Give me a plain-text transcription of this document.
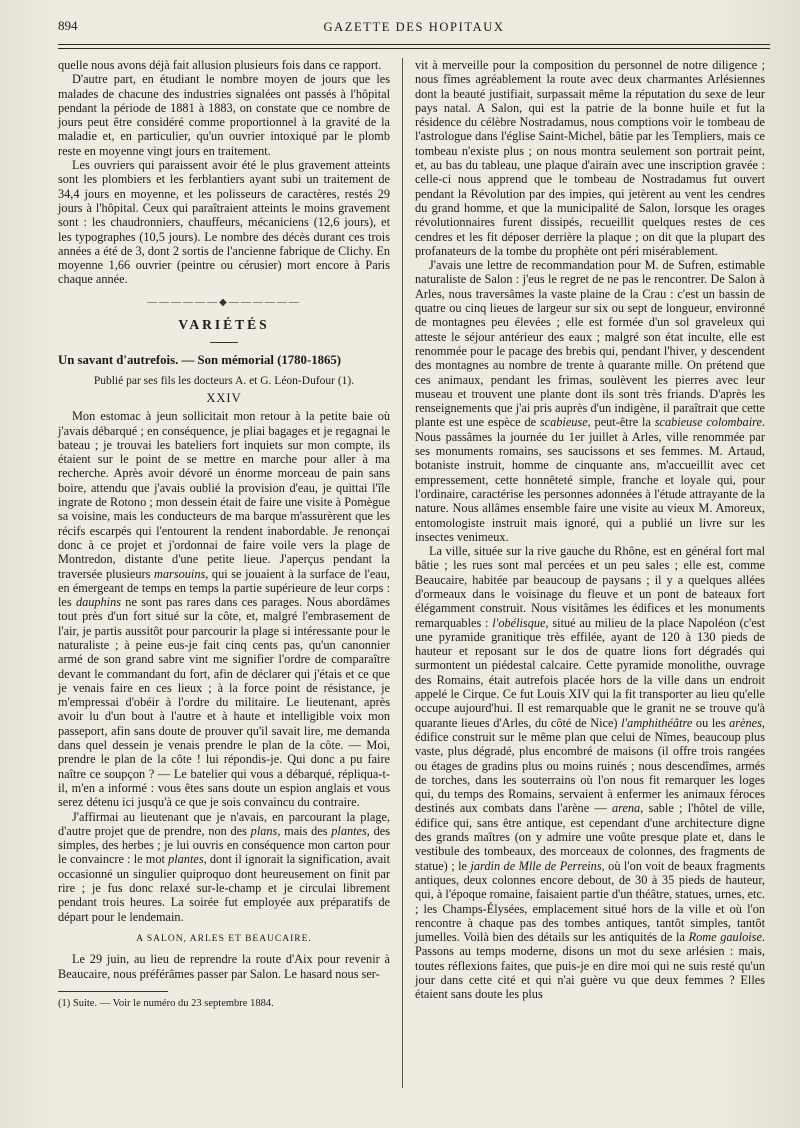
894	GAZETTE DES HOPITAUX

quelle nous avons déjà fait allusion plusieurs fois dans ce rapport.

D'autre part, en étudiant le nombre moyen de jours que les malades de chacune des industries signalées ont passés à l'hôpital pendant la période de 1881 à 1883, on constate que ce nombre de jours peut être considéré comme proportionnel à la gravité de la maladie et, en particulier, qu'un ouvrier intoxiqué par le plomb reste en moyenne vingt jours en traitement.

Les ouvriers qui paraissent avoir été le plus gravement atteints sont les plombiers et les ferblantiers ayant subi un traitement de 34,4 jours en moyenne, et les polisseurs de caractères, restés 29 jours à l'hôpital. Ceux qui paraîtraient atteints le moins gravement sont : les chaudronniers, chauffeurs, mécaniciens (12,6 jours), et les typographes (10,5 jours). Le nombre des décès durant ces trois années a été de 3, dont 2 sortis de l'ancienne fabrique de Clichy. En moyenne 1,66 ouvrier (peintre ou cérusier) mort encore à Paris chaque année.

——————◆——————
VARIÉTÉS

Un savant d'autrefois. — Son mémorial (1780-1865)

Publié par ses fils les docteurs A. et G. Léon-Dufour (1).
XXIV

Mon estomac à jeun sollicitait mon retour à la petite baie où j'avais débarqué ; en conséquence, je pliai bagages et je regagnai le bateau ; je trouvai les bateliers fort inquiets sur mon compte, ils étaient sur le point de se mettre en marche pour aller à ma recherche. Après avoir dévoré un énorme morceau de pain sans boire, attendu que j'avais oublié la provision d'eau, je quittai l'île ingrate de Rotono ; mon dessein était de faire une visite à Pomègue sa voisine, mais les conducteurs de ma barque m'assurèrent que les récifs escarpés qui l'entourent la rendent inabordable. Je renonçai donc à ce projet et j'ordonnai de faire voile vers la plage de Montredon, distante d'une petite lieue. J'aperçus pendant la traversée plusieurs marsouins, qui se jouaient à la surface de l'eau, en émergeant de temps en temps la partie supérieure de leur corps : les dauphins ne sont pas rares dans ces parages. Nous abordâmes tout près d'un fort situé sur la côte, et, malgré l'embrasement de l'air, je partis aussitôt pour parcourir la plage si intéressante pour le naturaliste ; à peine eus-je fait cinq cents pas, qu'un canonnier armé de son grand sabre vint me signifier l'ordre de comparaître devant le commandant du fort, afin de déclarer qui j'étais et ce que je venais faire en ces lieux ; à la force point de résistance, je m'empressai d'obéir à l'ordre du militaire. Le lieutenant, après avoir lu d'un bout à l'autre et à haute et intelligible voix mon passeport, afin sans doute de prouver qu'il savait lire, me demanda dans quel dessein je venais prendre le plan de la côte. — Moi, prendre le plan de la côte ! lui répondis-je. Qui donc a pu faire naître ce soupçon ? — Le batelier qui vous a débarqué, répliqua-t-il, m'en a informé : vous êtes sans doute un espion anglais et vous serez détenu ici jusqu'à ce que je sois convaincu du contraire.

J'affirmai au lieutenant que je n'avais, en parcourant la plage, d'autre projet que de prendre, non des plans, mais des plantes, des simples, des herbes ; je lui ouvris en conséquence mon carton pour le convaincre : le mot plantes, dont il ignorait la signification, avait occasionné un singulier quiproquo dont heureusement on finit par rire ; je fus donc relaxé sur-le-champ et je circulai librement pendant trois heures. La soirée fut employée aux préparatifs de départ pour le lendemain.

A SALON, ARLES ET BEAUCAIRE.

Le 29 juin, au lieu de reprendre la route d'Aix pour revenir à Beaucaire, nous préférâmes passer par Salon. Le hasard nous ser-

(1) Suite. — Voir le numéro du 23 septembre 1884.

vit à merveille pour la composition du personnel de notre diligence ; nous fîmes agréablement la route avec deux charmantes Arlésiennes dont la beauté justifiait, surpassait même la réputation du sexe de leur pays natal. A Salon, qui est la patrie de la bonne huile et fut la résidence du célèbre Nostradamus, nous comptions voir le tombeau de l'astrologue dans l'église Saint-Michel, bâtie par les Templiers, mais ce tombeau n'existe plus ; on nous montra seulement son portrait peint, et, au bas du tableau, une plaque d'airain avec une inscription gravée : celle-ci nous apprend que le tombeau de Nostradamus fut ouvert pendant la Révolution par des impies, qui jetèrent au vent les cendres du grand homme, et que la municipalité de Salon, lorsque les orages révolutionnaires furent dissipés, recueillit quelques restes de ces cendres et les fit déposer derrière la plaque ; on dit que la plupart des profanateurs de la tombe du prophète ont péri misérablement.

J'avais une lettre de recommandation pour M. de Sufren, estimable naturaliste de Salon : j'eus le regret de ne pas le rencontrer. De Salon à Arles, nous traversâmes la vaste plaine de la Crau : c'est un bassin de quatre ou cinq lieues de largeur sur six ou sept de longueur, environné de montagnes peu élevées ; elle est formée d'un sol graveleux qui atteste le séjour antérieur des eaux ; malgré son état inculte, elle est renommée pour le pacage des brebis qui, pendant l'hiver, y descendent des montagnes au nombre de trente à quarante mille. On prétend que ces animaux, pendant les frimas, soulèvent les pierres avec leur museau et trouvent une plante dont ils sont très friands. D'après les renseignements que j'ai pris auprès d'un indigène, il paraîtrait que cette plante est une espèce de scabieuse, peut-être la scabieuse colombaire. Nous passâmes la journée du 1er juillet à Arles, ville renommée par ses monuments romains, ses saucissons et ses femmes. M. Artaud, botaniste instruit, homme de cinquante ans, m'accueillit avec cet empressement, cette honnêteté simple, franche et loyale qui, pour l'ordinaire, caractérise les personnes adonnées à l'étude attrayante de la nature. Nous allâmes ensemble faire une visite au vieux M. Amoreux, entomologiste instruit mais ignoré, qui a publié un livre sur les insectes venimeux.

La ville, située sur la rive gauche du Rhône, est en général fort mal bâtie ; les rues sont mal percées et un peu sales ; elle est, comme Beaucaire, habitée par beaucoup de paysans ; il y a quelques allées d'ormeaux dans le voisinage du fleuve et un pont de bateaux fort élégamment construit. Nous visitâmes les édifices et les monuments remarquables : l'obélisque, situé au milieu de la place Napoléon (c'est une pyramide granitique très effilée, ayant de 120 à 130 pieds de hauteur et reposant sur le dos de quatre lions fort dégradés qui surmontent un piédestal calcaire. Cette pyramide monolithe, ouvrage des Romains, était autrefois placée hors de la ville dans un endroit appelé le Cirque. Ce fut Louis XIV qui la fit transporter au lieu qu'elle occupe aujourd'hui. Il est remarquable que le granit ne se trouve qu'à quarante lieues d'Arles, du côté de Nice) l'amphithéâtre ou les arènes, édifice construit sur le même plan que celui de Nîmes, beaucoup plus vaste, plus dégradé, plus encombré de maisons (il offre trois rangées ou étages de gradins plus ou moins ruinés ; nous descendîmes, armés de torches, dans les souterrains où l'on nous fit remarquer les loges qui, du temps des Romains, servaient à enfermer les animaux féroces destinés aux combats dans l'arène — arena, sable ; l'hôtel de ville, édifice qui, sans être antique, est cependant d'une architecture digne des grands maîtres (on y admire une voûte presque plate et, dans le vestibule des tombeaux, des morceaux de colonnes, des fragments de statue) ; le jardin de Mlle de Perreins, où l'on voit de beaux fragments antiques, deux colonnes encore debout, de 30 à 35 pieds de hauteur, qui, à l'époque romaine, faisaient partie d'un théâtre, statues, urnes, etc. ; les Champs-Élysées, emplacement situé hors de la ville et où l'on rencontre à chaque pas des tombes antiques, tantôt simples, tantôt jumelles. Voilà bien des détails sur les antiquités de la Rome gauloise. Passons au temps moderne, disons un mot du sexe arlésien : mais, toutes réflexions faites, que puis-je en dire moi qui ne suis resté qu'un jour dans cette cité et qui n'ai guère vu que deux femmes ? Elles étaient sans doute les plus
